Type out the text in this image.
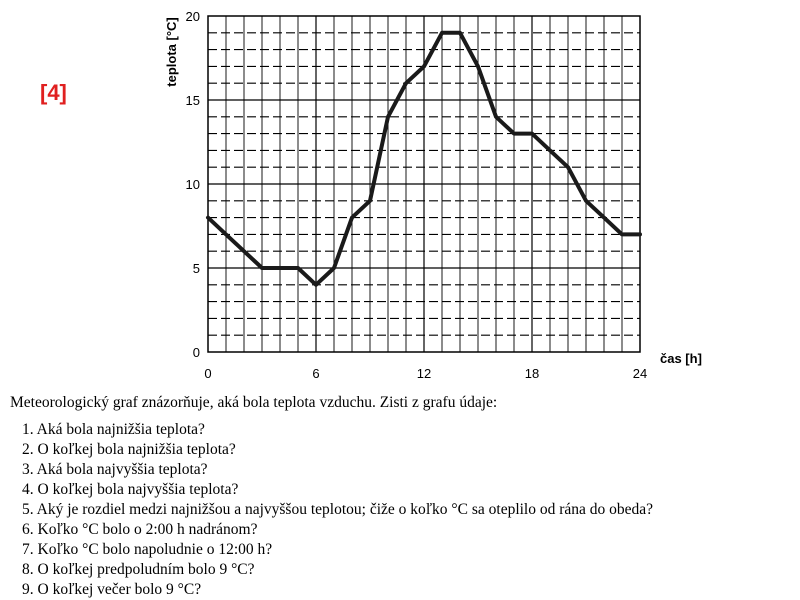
[4]
0	6	12	18	24
0
5
10
15
20
teplota [°C]
čas [h]

Meteorologický graf znázorňuje, aká bola teplota vzduchu. Zisti z grafu údaje:

1. Aká bola najnižšia teplota?
2. O koľkej bola najnižšia teplota?
3. Aká bola najvyššia teplota?
4. O koľkej bola najvyššia teplota?
5. Aký je rozdiel medzi najnižšou a najvyššou teplotou; čiže o koľko °C sa oteplilo od rána do obeda?
6. Koľko °C bolo o 2:00 h nadránom?
7. Koľko °C bolo napoludnie o 12:00 h?
8. O koľkej predpoludním bolo 9 °C?
9. O koľkej večer bolo 9 °C?
